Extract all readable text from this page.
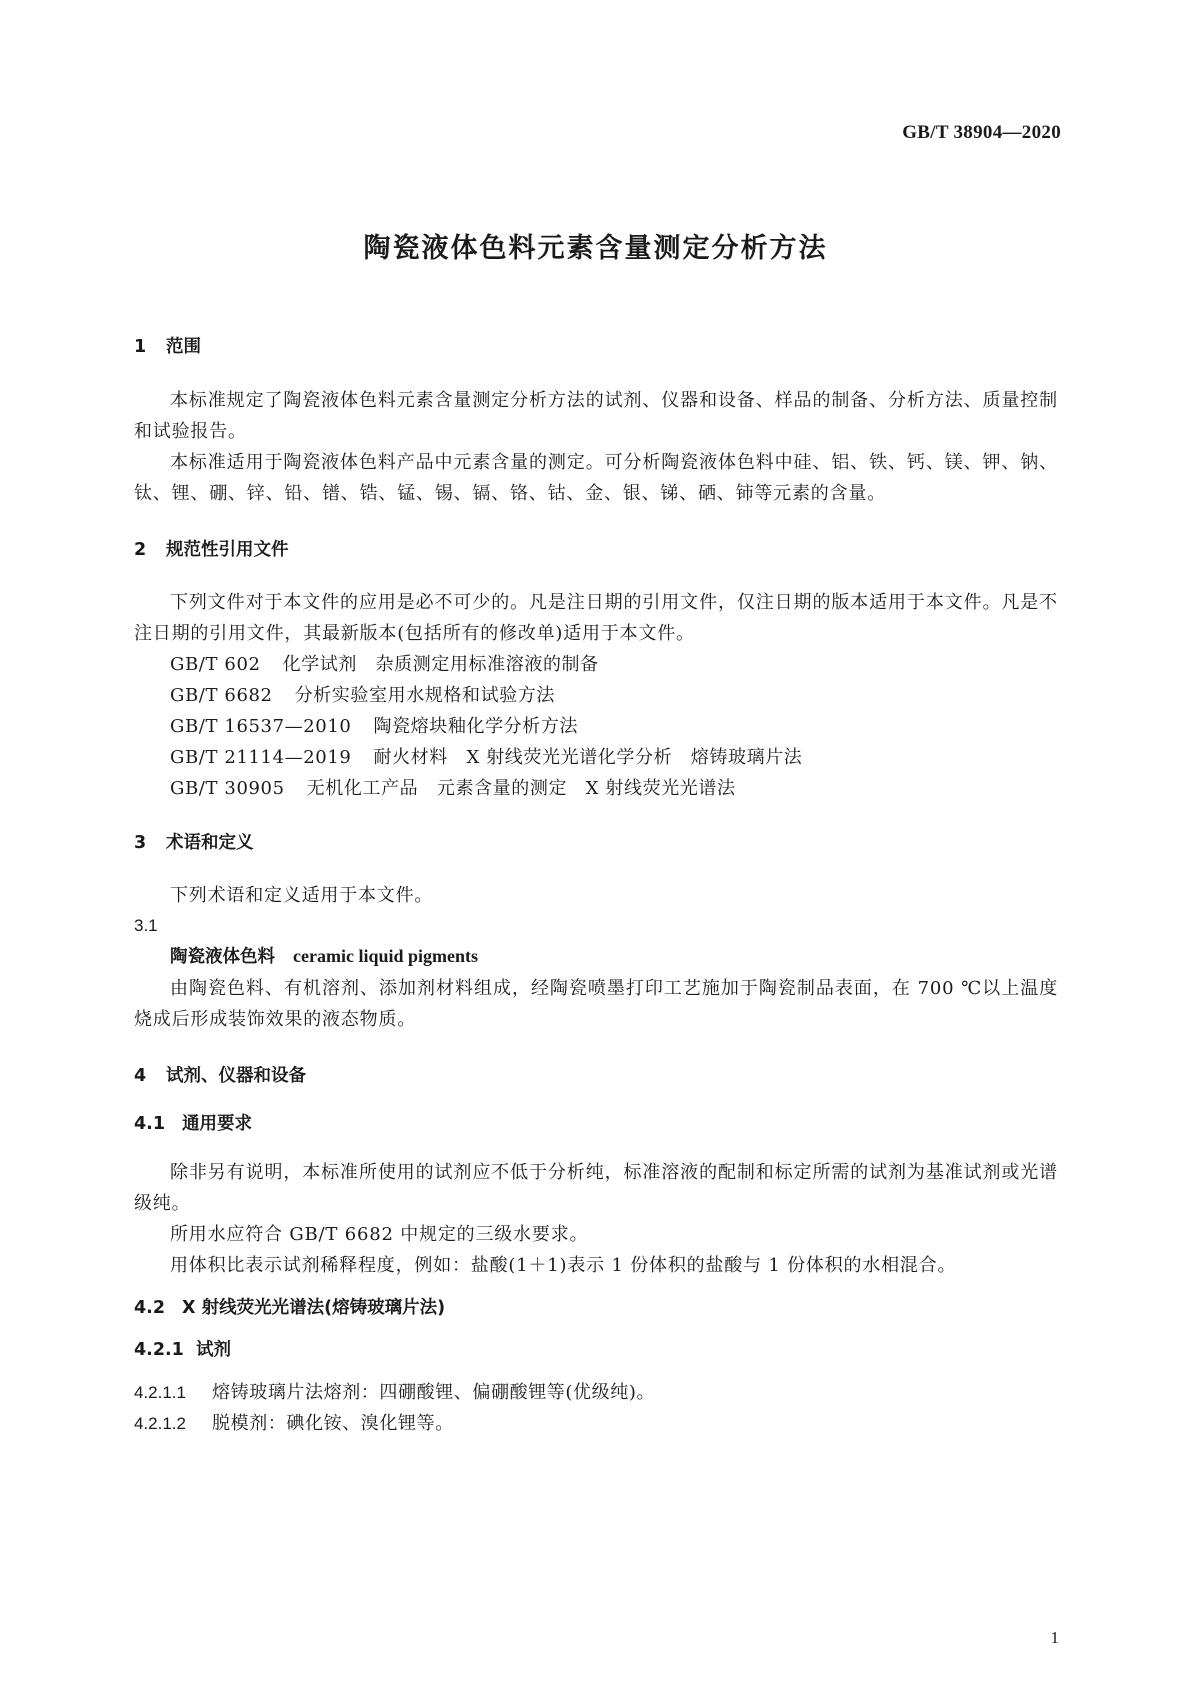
GB/T 38904—2020
陶瓷液体色料元素含量测定分析方法
1 范围
本标准规定了陶瓷液体色料元素含量测定分析方法的试剂、仪器和设备、样品的制备、分析方法、质量控制和试验报告。
本标准适用于陶瓷液体色料产品中元素含量的测定。可分析陶瓷液体色料中硅、铝、铁、钙、镁、钾、钠、钛、锂、硼、锌、铅、镨、锆、锰、锡、镉、铬、钴、金、银、锑、硒、铈等元素的含量。
2 规范性引用文件
下列文件对于本文件的应用是必不可少的。凡是注日期的引用文件，仅注日期的版本适用于本文件。凡是不注日期的引用文件，其最新版本(包括所有的修改单)适用于本文件。
GB/T 602 化学试剂　杂质测定用标准溶液的制备
GB/T 6682 分析实验室用水规格和试验方法
GB/T 16537—2010 陶瓷熔块釉化学分析方法
GB/T 21114—2019 耐火材料　X 射线荧光光谱化学分析　熔铸玻璃片法
GB/T 30905 无机化工产品　元素含量的测定　X 射线荧光光谱法
3 术语和定义
下列术语和定义适用于本文件。
3.1
陶瓷液体色料 ceramic liquid pigments
由陶瓷色料、有机溶剂、添加剂材料组成，经陶瓷喷墨打印工艺施加于陶瓷制品表面，在 700 ℃以上温度烧成后形成装饰效果的液态物质。
4 试剂、仪器和设备
4.1 通用要求
除非另有说明，本标准所使用的试剂应不低于分析纯，标准溶液的配制和标定所需的试剂为基准试剂或光谱级纯。
所用水应符合 GB/T 6682 中规定的三级水要求。
用体积比表示试剂稀释程度，例如：盐酸(1＋1)表示 1 份体积的盐酸与 1 份体积的水相混合。
4.2 X 射线荧光光谱法(熔铸玻璃片法)
4.2.1 试剂
4.2.1.1 熔铸玻璃片法熔剂：四硼酸锂、偏硼酸锂等(优级纯)。
4.2.1.2 脱模剂：碘化铵、溴化锂等。
1
